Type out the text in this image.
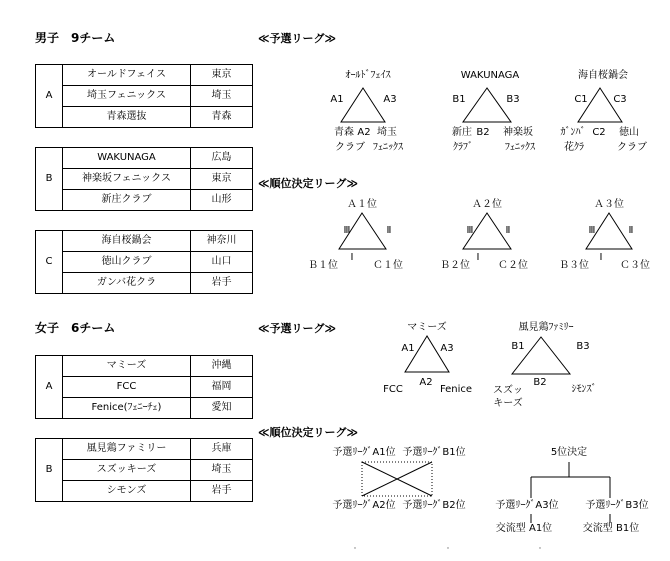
男子　9チーム	≪予選リーグ≫
≪順位決定リーグ≫
A	オールドフェイス	東京
	埼玉フェニックス	埼玉
	青森選抜	青森
B	WAKUNAGA	広島
	神楽坂フェニックス	東京
	新庄クラブ	山形
C	海自桜鍋会	神奈川
	徳山クラブ	山口
	ガンバ花クラ	岩手
ｵｰﾙﾄﾞﾌｪｲｽ
A1	A3
青森
クラブ
A2 埼玉
ﾌｪﾆｯｸｽ
WAKUNAGA
B1	B3
新庄
ｸﾗﾌﾞ
B2 神楽坂
ﾌｪﾆｯｸｽ
海自桜鍋会
C1	C3
ｶﾞﾝﾊﾞ
花ｸﾗ
C2 徳山
クラブ
Ａ１位
Ⅲ	Ⅱ
Ⅰ
Ｂ１位	Ｃ１位
Ａ２位
Ⅲ	Ⅱ
Ⅰ
Ｂ２位	Ｃ２位
Ａ３位
Ⅲ	Ⅱ
Ⅰ
Ｂ３位	Ｃ３位
女子　6チーム	≪予選リーグ≫
≪順位決定リーグ≫
A	マミーズ	沖縄
	FCC	福岡
	Fenice(ﾌｪﾆｰﾁｪ)	愛知
B	風見鶏ファミリー	兵庫
	スズッキーズ	埼玉
	シモンズ	岩手
マミーズ
A1	A3
A2
FCC	Fenice
風見鶏ﾌｧﾐﾘｰ
B1	B3
B2
スズッ
キーズ
ｼﾓﾝｽﾞ
予選ﾘｰｸﾞA1位 予選ﾘｰｸﾞB1位
予選ﾘｰｸﾞA2位 予選ﾘｰｸﾞB2位
5位決定
予選ﾘｰｸﾞA3位	予選ﾘｰｸﾞB3位
交流型 A1位	交流型 B1位
